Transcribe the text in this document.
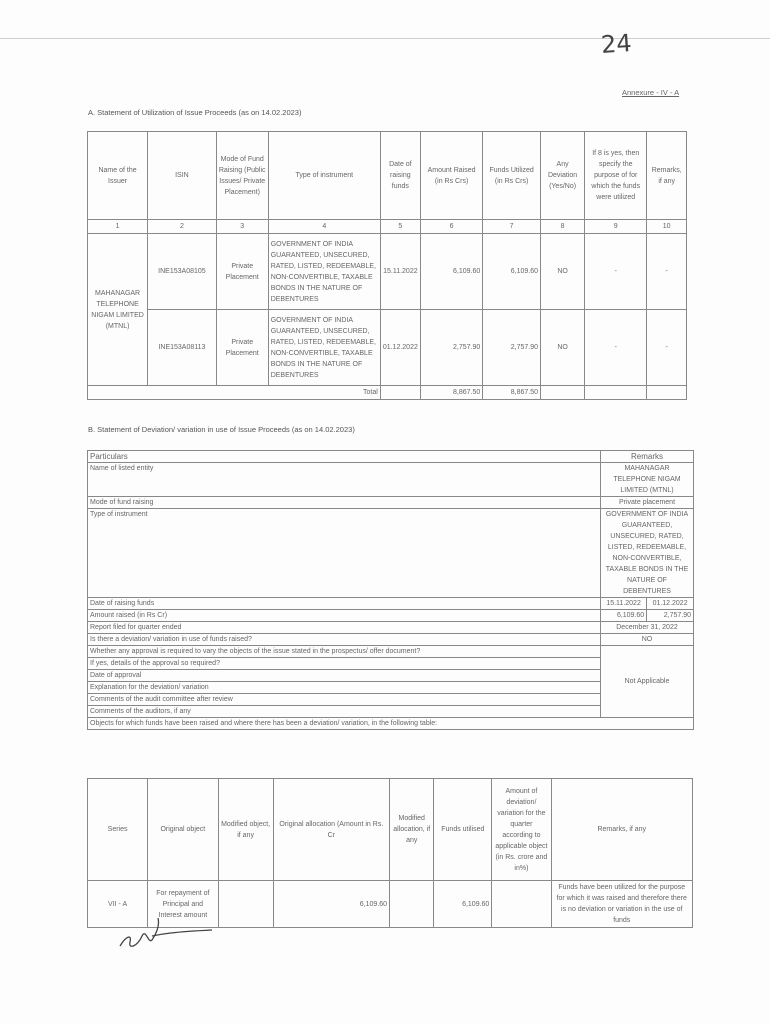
24
Annexure - IV - A
A. Statement of Utilization of Issue Proceeds (as on 14.02.2023)
Name of the Issuer	ISIN	Mode of Fund Raising (Public Issues/ Private Placement)	Type of instrument	Date of raising funds	Amount Raised (in Rs Crs)	Funds Utilized (in Rs Crs)	Any Deviation (Yes/No)	If 8 is yes, then specify the purpose of for which the funds were utilized	Remarks, if any
1	2	3	4	5	6	7	8	9	10
MAHANAGAR TELEPHONE NIGAM LIMITED (MTNL)	INE153A08105	Private Placement	GOVERNMENT OF INDIA GUARANTEED, UNSECURED, RATED, LISTED, REDEEMABLE, NON-CONVERTIBLE, TAXABLE BONDS IN THE NATURE OF DEBENTURES	15.11.2022	6,109.60	6,109.60	NO	-	-
	INE153A08113	Private Placement	GOVERNMENT OF INDIA GUARANTEED, UNSECURED, RATED, LISTED, REDEEMABLE, NON-CONVERTIBLE, TAXABLE BONDS IN THE NATURE OF DEBENTURES	01.12.2022	2,757.90	2,757.90	NO	-	-
Total					8,867.50	8,867.50			
B. Statement of Deviation/ variation in use of Issue Proceeds (as on 14.02.2023)
Particulars	Remarks	
Name of listed entity	MAHANAGAR TELEPHONE NIGAM LIMITED (MTNL)	
Mode of fund raising	Private placement	
Type of instrument	GOVERNMENT OF INDIA GUARANTEED, UNSECURED, RATED, LISTED, REDEEMABLE, NON-CONVERTIBLE, TAXABLE BONDS IN THE NATURE OF DEBENTURES	
Date of raising funds	15.11.2022	01.12.2022
Amount raised (in Rs Cr)	6,109.60	2,757.90
Report filed for quarter ended	December 31, 2022	
Is there a deviation/ variation in use of funds raised?	NO	
Whether any approval is required to vary the objects of the issue stated in the prospectus/ offer document?	Not Applicable	
If yes, details of the approval so required?		
Date of approval		
Explanation for the deviation/ variation		
Comments of the audit committee after review		
Comments of the auditors, if any		
Objects for which funds have been raised and where there has been a deviation/ variation, in the following table:		
Series	Original object	Modified object, if any	Original allocation (Amount in Rs. Cr	Modified allocation, if any	Funds utilised	Amount of deviation/ variation for the quarter according to applicable object (in Rs. crore and in%)	Remarks, if any
VII - A	For repayment of Principal and Interest amount		6,109.60		6,109.60		Funds have been utilized for the purpose for which it was raised and therefore there is no deviation or variation in the use of funds
